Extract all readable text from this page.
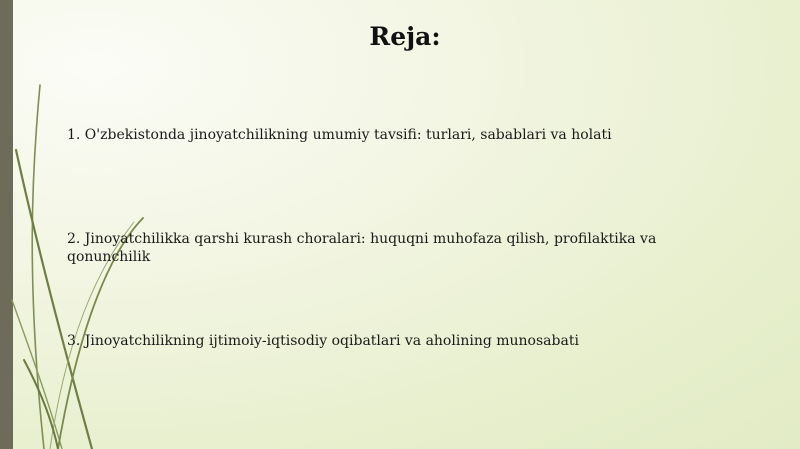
Reja:

1. O'zbekistonda jinoyatchilikning umumiy tavsifi: turlari, sabablari va holati

2. Jinoyatchilikka qarshi kurash choralari: huquqni muhofaza qilish, profilaktika va qonunchilik

3. Jinoyatchilikning ijtimoiy-iqtisodiy oqibatlari va aholining munosabati
